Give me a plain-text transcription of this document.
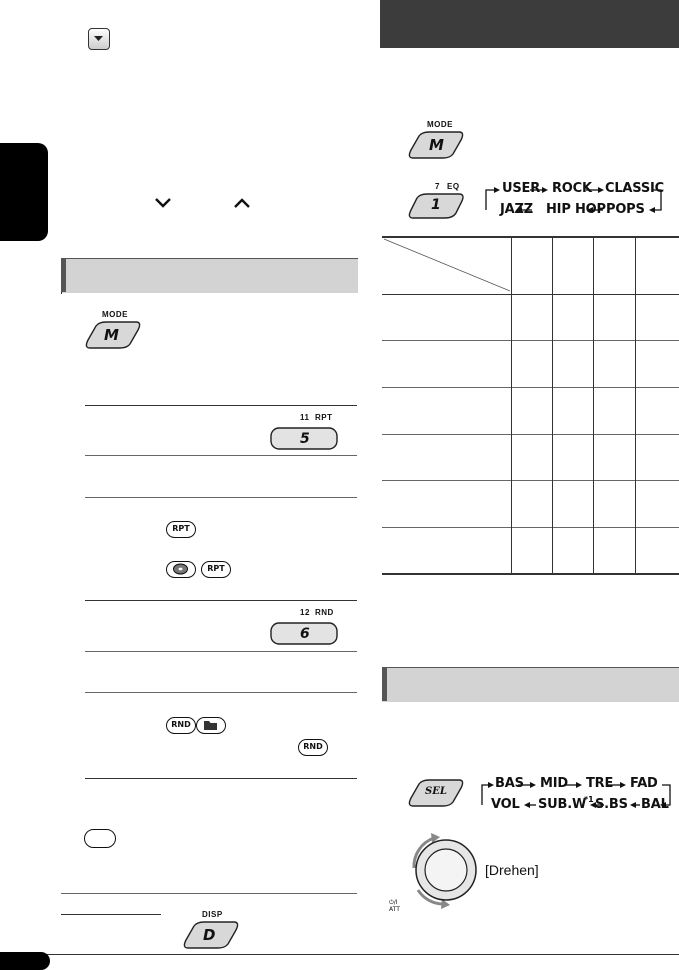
MODE
M
11 RPT
5
RPT
RPT
12 RND
6
RND
RND
DISP
D
MODE
M
7 EQ
1
USER ROCK CLASSIC
JAZZ HIP HOP POPS
SEL
BAS MID TRE FAD
VOL SUB.W
*1 S.BS BAL
[Drehen]
⏻/I
ATT
